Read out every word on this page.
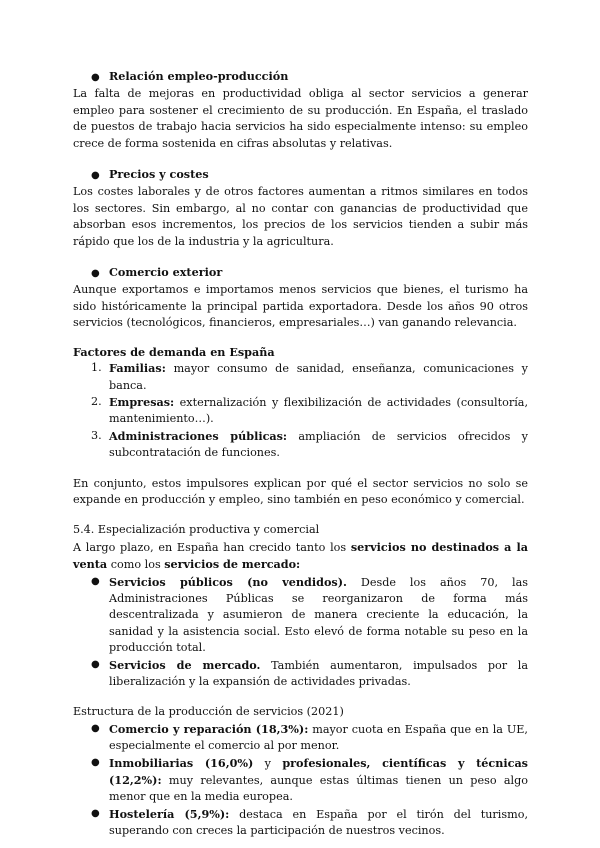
● Relación empleo-producción

La falta de mejoras en productividad obliga al sector servicios a generar empleo para sostener el crecimiento de su producción. En España, el traslado de puestos de trabajo hacia servicios ha sido especialmente intenso: su empleo crece de forma sostenida en cifras absolutas y relativas.

● Precios y costes

Los costes laborales y de otros factores aumentan a ritmos similares en todos los sectores. Sin embargo, al no contar con ganancias de productividad que absorban esos incrementos, los precios de los servicios tienden a subir más rápido que los de la industria y la agricultura.

● Comercio exterior

Aunque exportamos e importamos menos servicios que bienes, el turismo ha sido históricamente la principal partida exportadora. Desde los años 90 otros servicios (tecnológicos, financieros, empresariales…) van ganando relevancia.

Factores de demanda en España

1. Familias: mayor consumo de sanidad, enseñanza, comunicaciones y banca.
2. Empresas: externalización y flexibilización de actividades (consultoría, mantenimiento…).
3. Administraciones públicas: ampliación de servicios ofrecidos y subcontratación de funciones.

En conjunto, estos impulsores explican por qué el sector servicios no solo se expande en producción y empleo, sino también en peso económico y comercial.

5.4. Especialización productiva y comercial

A largo plazo, en España han crecido tanto los servicios no destinados a la venta como los servicios de mercado:

● Servicios públicos (no vendidos). Desde los años 70, las Administraciones Públicas se reorganizaron de forma más descentralizada y asumieron de manera creciente la educación, la sanidad y la asistencia social. Esto elevó de forma notable su peso en la producción total.
● Servicios de mercado. También aumentaron, impulsados por la liberalización y la expansión de actividades privadas.

Estructura de la producción de servicios (2021)

● Comercio y reparación (18,3%): mayor cuota en España que en la UE, especialmente el comercio al por menor.
● Inmobiliarias (16,0%) y profesionales, científicas y técnicas (12,2%): muy relevantes, aunque estas últimas tienen un peso algo menor que en la media europea.
● Hostelería (5,9%): destaca en España por el tirón del turismo, superando con creces la participación de nuestros vecinos.
